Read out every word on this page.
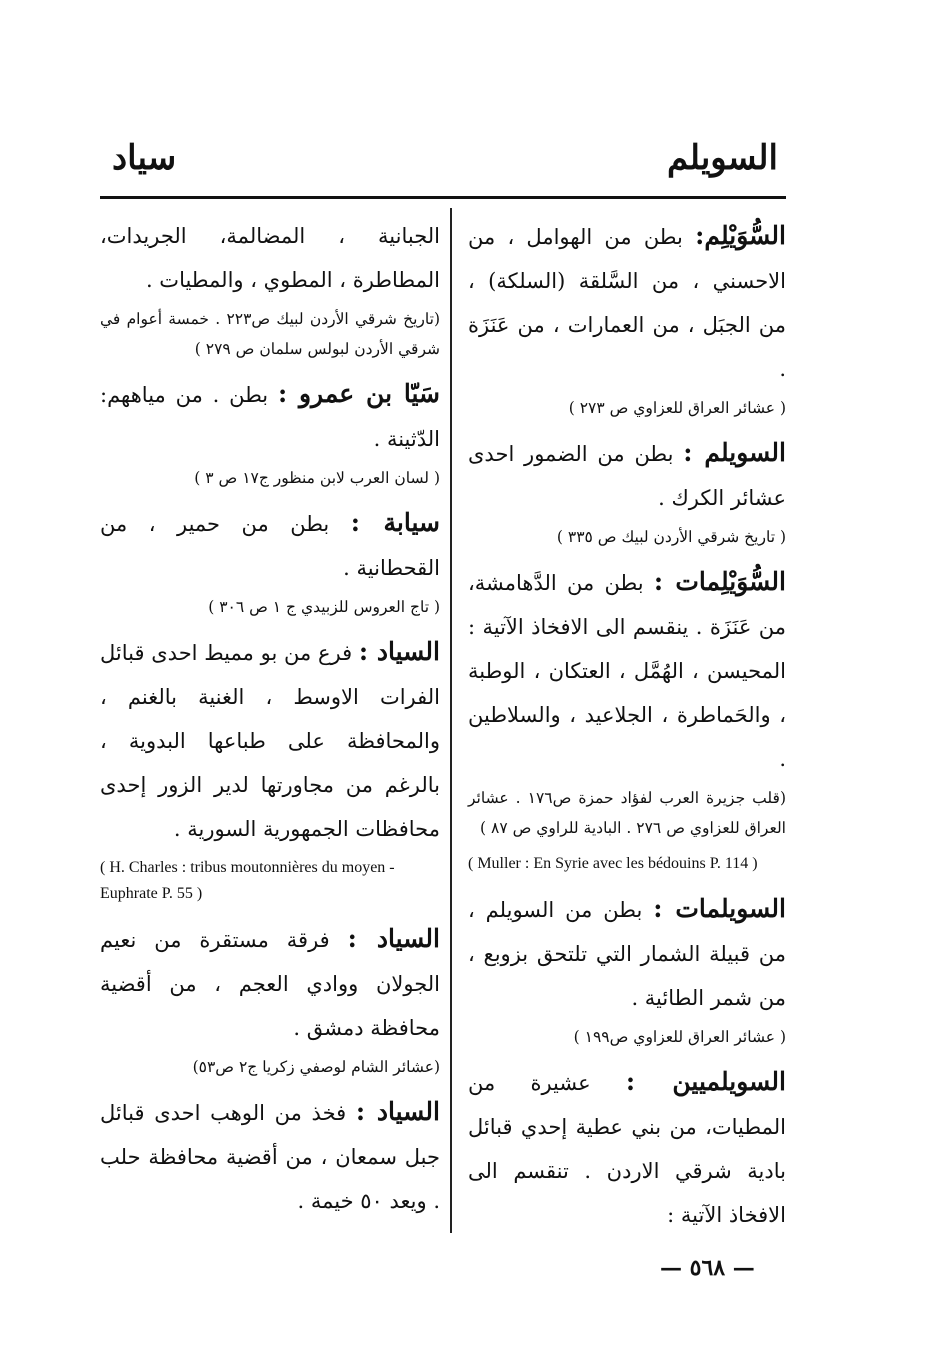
السويلم
سياد

السُّوَيْلِم: بطن من الهوامل ، من الاحسني ، من السَّلقة (السلكة) ، من الجبَل ، من العمارات ، من عَنَزَة .

( عشائر العراق للعزاوي ص ٢٧٣ )

السويلم : بطن من الضمور احدى عشائر الكرك .

( تاريخ شرقي الأردن لبيك ص ٣٣٥ )

السُّوَيْلِمات : بطن من الدَّهامشة، من عَنَزَة . ينقسم الى الافخاذ الآتية : المحيسن ، الهُمَّل ، العتكان ، الوطبة ، والحَماطرة ، الجلاعيد ، والسلاطين .

(قلب جزيرة العرب لفؤاد حمزة ص١٧٦ . عشائر العراق للعزاوي ص ٢٧٦ . البادية للراوي ص ٨٧ )

( Muller : En Syrie avec les bédouins P. 114 )

السويلمات : بطن من السويلم ، من قبيلة الشمار التي تلتحق بزوبع ، من شمر الطائية .

( عشائر العراق للعزاوي ص١٩٩ )

السويلميين : عشيرة من المطيات، من بني عطية إحدي قبائل بادية شرقي الاردن . تنقسم الى الافخاذ الآتية :

الجبانية ، المضالمة، الجريدات، المطاطرة ، المطوي ، والمطيات .

(تاريخ شرقي الأردن لبيك ص٢٢٣ . خمسة أعوام في شرقي الأردن لبولس سلمان ص ٢٧٩ )

سَيّا بن عمرو : بطن . من مياههم: الدّثينة .

( لسان العرب لابن منظور ج١٧ ص ٣ )

سيابة : بطن من حمير ، من القحطانية .

( تاج العروس للزبيدي ج ١ ص ٣٠٦ )

السياد : فرع من بو مميط احدى قبائل الفرات الاوسط ، الغنية بالغنم ، والمحافظة على طباعها البدوية ، بالرغم من مجاورتها لدير الزور إحدى محافظات الجمهورية السورية .

( H. Charles : tribus moutonnières du moyen - Euphrate P. 55 )

السياد : فرقة مستقرة من نعيم الجولان ووادي العجم ، من أقضية محافظة دمشق .

(عشائر الشام لوصفي زكريا ج٢ ص٥٣)

السياد : فخذ من الوهب احدى قبائل جبل سمعان ، من أقضية محافظة حلب . ويعد ٥٠ خيمة .

— ٥٦٨ —
